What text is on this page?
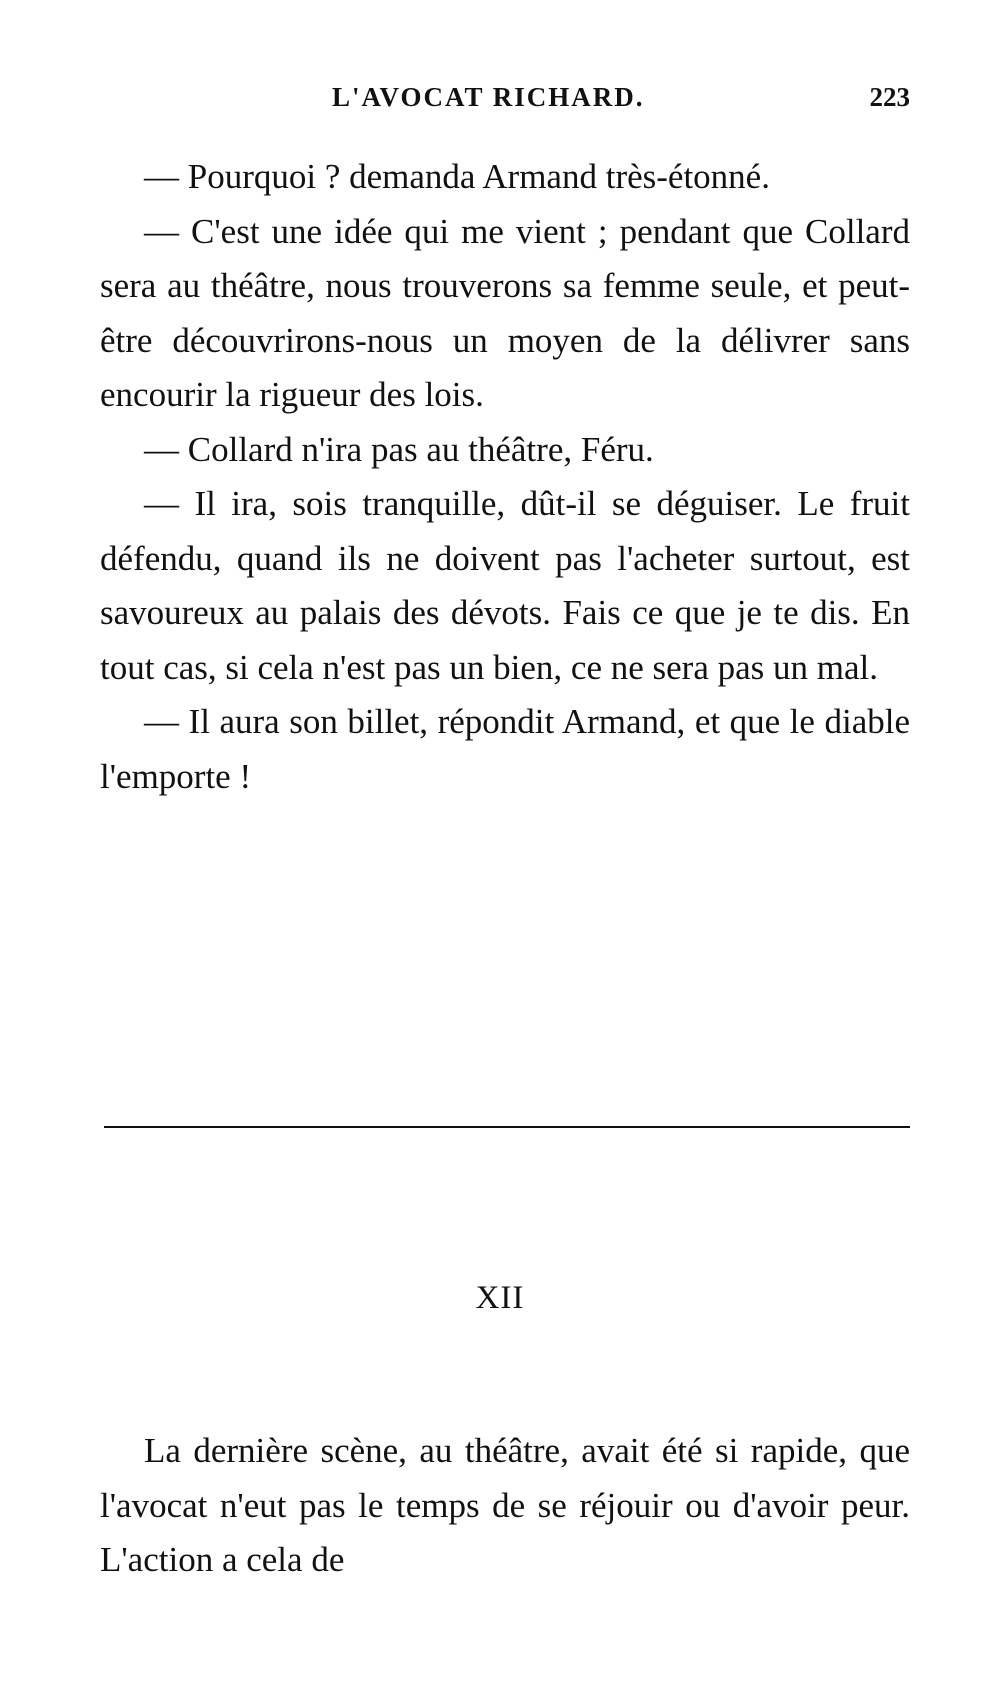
L'AVOCAT RICHARD.	223

— Pourquoi ? demanda Armand très-étonné.

— C'est une idée qui me vient ; pendant que Collard sera au théâtre, nous trouverons sa femme seule, et peut-être découvrirons-nous un moyen de la délivrer sans encourir la rigueur des lois.

— Collard n'ira pas au théâtre, Féru.

— Il ira, sois tranquille, dût-il se déguiser. Le fruit défendu, quand ils ne doivent pas l'acheter surtout, est savoureux au palais des dévots. Fais ce que je te dis. En tout cas, si cela n'est pas un bien, ce ne sera pas un mal.

— Il aura son billet, répondit Armand, et que le diable l'emporte !

XII

La dernière scène, au théâtre, avait été si rapide, que l'avocat n'eut pas le temps de se réjouir ou d'avoir peur. L'action a cela de
